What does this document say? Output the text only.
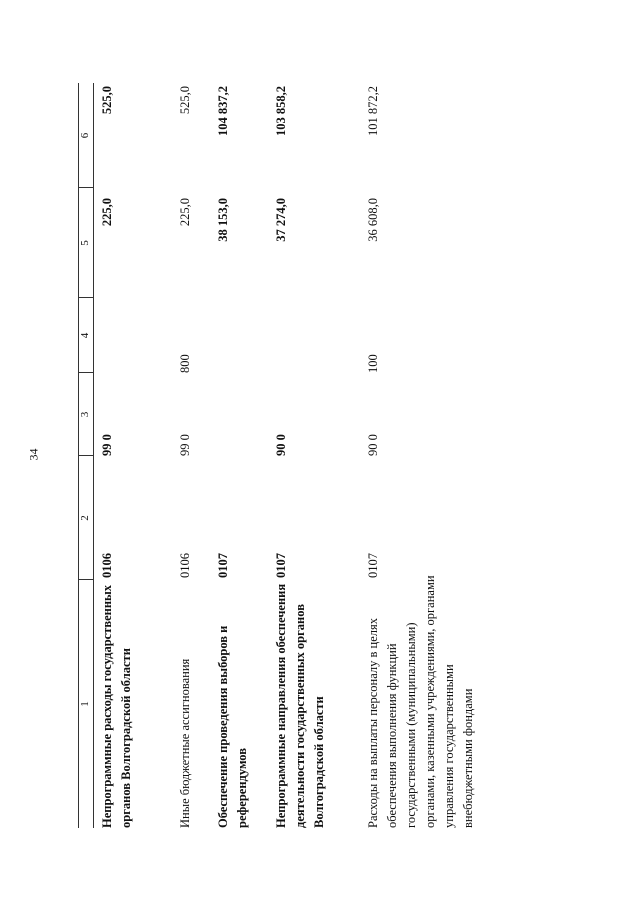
34
1
2
3
4
5
6
Непрограммные расходы государственных органов Волгоградской области
0106
99 0
225,0
525,0
Иные бюджетные ассигнования
0106
99 0
800
225,0
525,0
Обеспечение проведения выборов и референдумов
0107
38 153,0
104 837,2
Непрограммные направления обеспечения деятельности государственных органов Волгоградской области
0107
90 0
37 274,0
103 858,2
Расходы на выплаты персоналу в целях обеспечения выполнения функций государственными (муниципальными) органами, казенными учреждениями, органами управления государственными внебюджетными фондами
0107
90 0
100
36 608,0
101 872,2
